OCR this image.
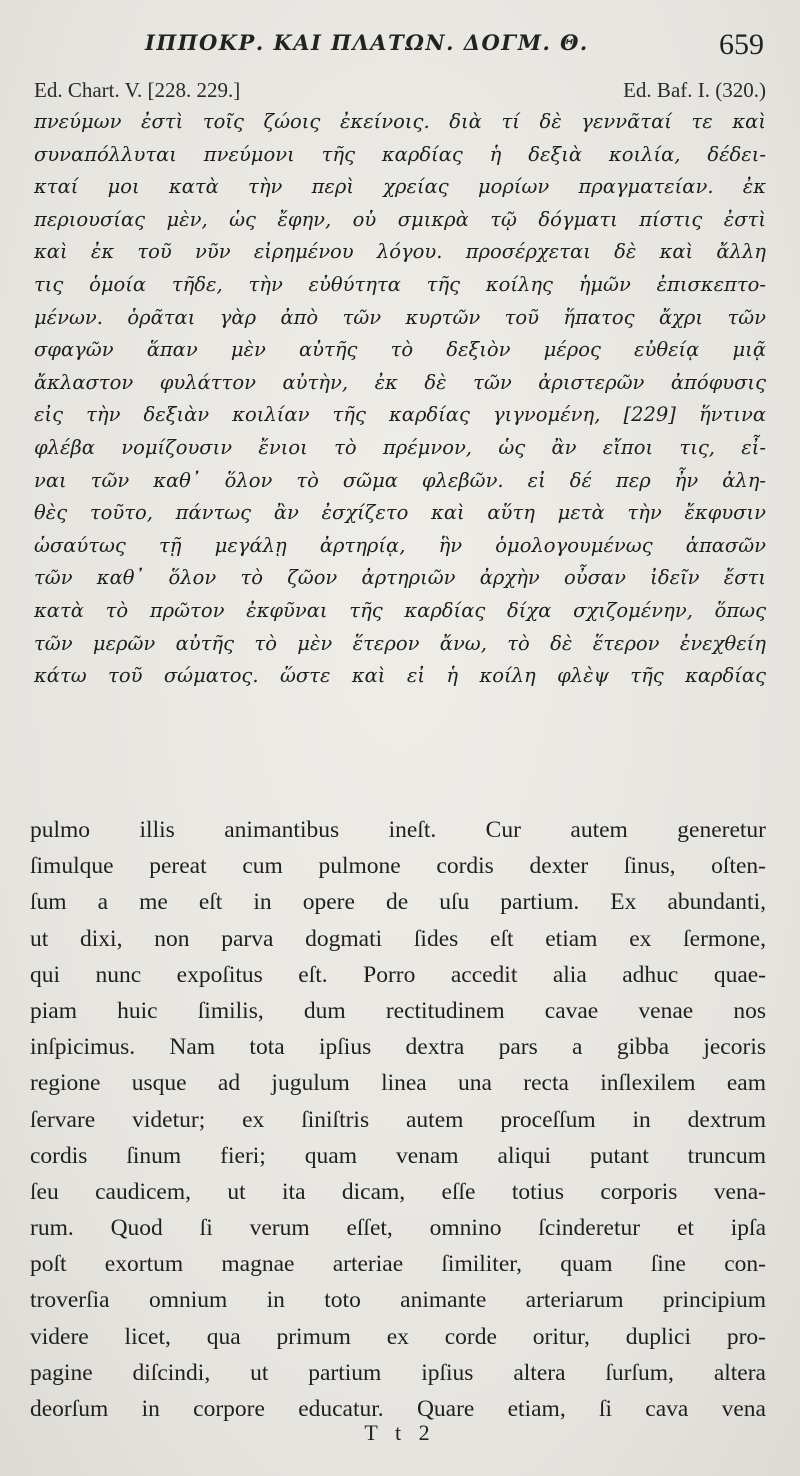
ΙΠΠΟΚΡ. ΚΑΙ ΠΛΑΤΩΝ. ΔΟΓΜ. Θ.	659
Ed. Chart. V. [228. 229.]	Ed. Baf. I. (320.)
πνεύμων ἐστὶ τοῖς ζώοις ἐκείνοις. διὰ τί δὲ γεννᾶταί τε καὶ
συναπόλλυται πνεύμονι τῆς καρδίας ἡ δεξιὰ κοιλία, δέδει-
κταί μοι κατὰ τὴν περὶ χρείας μορίων πραγματείαν. ἐκ
περιουσίας μὲν, ὡς ἔφην, οὐ σμικρὰ τῷ δόγματι πίστις ἐστὶ
καὶ ἐκ τοῦ νῦν εἰρημένου λόγου. προσέρχεται δὲ καὶ ἄλλη
τις ὁμοία τῆδε, τὴν εὐθύτητα τῆς κοίλης ἡμῶν ἐπισκεπτο-
μένων. ὁρᾶται γὰρ ἀπὸ τῶν κυρτῶν τοῦ ἥπατος ἄχρι τῶν
σφαγῶν ἅπαν μὲν αὐτῆς τὸ δεξιὸν μέρος εὐθείᾳ μιᾷ
ἄκλαστον φυλάττον αὐτὴν, ἐκ δὲ τῶν ἀριστερῶν ἀπόφυσις
εἰς τὴν δεξιὰν κοιλίαν τῆς καρδίας γιγνομένη, [229] ἥντινα
φλέβα νομίζουσιν ἔνιοι τὸ πρέμνον, ὡς ἂν εἴποι τις, εἶ-
ναι τῶν καθ᾽ ὅλον τὸ σῶμα φλεβῶν. εἰ δέ περ ἦν ἀλη-
θὲς τοῦτο, πάντως ἂν ἐσχίζετο καὶ αὕτη μετὰ τὴν ἔκφυσιν
ὡσαύτως τῇ μεγάλῃ ἀρτηρίᾳ, ἣν ὁμολογουμένως ἁπασῶν
τῶν καθ᾽ ὅλον τὸ ζῶον ἀρτηριῶν ἀρχὴν οὖσαν ἰδεῖν ἔστι
κατὰ τὸ πρῶτον ἐκφῦναι τῆς καρδίας δίχα σχιζομένην, ὅπως
τῶν μερῶν αὐτῆς τὸ μὲν ἕτερον ἄνω, τὸ δὲ ἕτερον ἐνεχθείη
κάτω τοῦ σώματος. ὥστε καὶ εἰ ἡ κοίλη φλὲψ τῆς καρδίας
pulmo illis animantibus ineſt. Cur autem generetur
ſimulque pereat cum pulmone cordis dexter ſinus, oſten-
ſum a me eſt in opere de uſu partium. Ex abundanti,
ut dixi, non parva dogmati ſides eſt etiam ex ſermone,
qui nunc expoſitus eſt. Porro accedit alia adhuc quae-
piam huic ſimilis, dum rectitudinem cavae venae nos
inſpicimus. Nam tota ipſius dextra pars a gibba jecoris
regione usque ad jugulum linea una recta inſlexilem eam
ſervare videtur; ex ſiniſtris autem proceſſum in dextrum
cordis ſinum fieri; quam venam aliqui putant truncum
ſeu caudicem, ut ita dicam, eſſe totius corporis vena-
rum. Quod ſi verum eſſet, omnino ſcinderetur et ipſa
poſt exortum magnae arteriae ſimiliter, quam ſine con-
troverſia omnium in toto animante arteriarum principium
videre licet, qua primum ex corde oritur, duplici pro-
pagine diſcindi, ut partium ipſius altera ſurſum, altera
deorſum in corpore educatur. Quare etiam, ſi cava vena
T t 2
